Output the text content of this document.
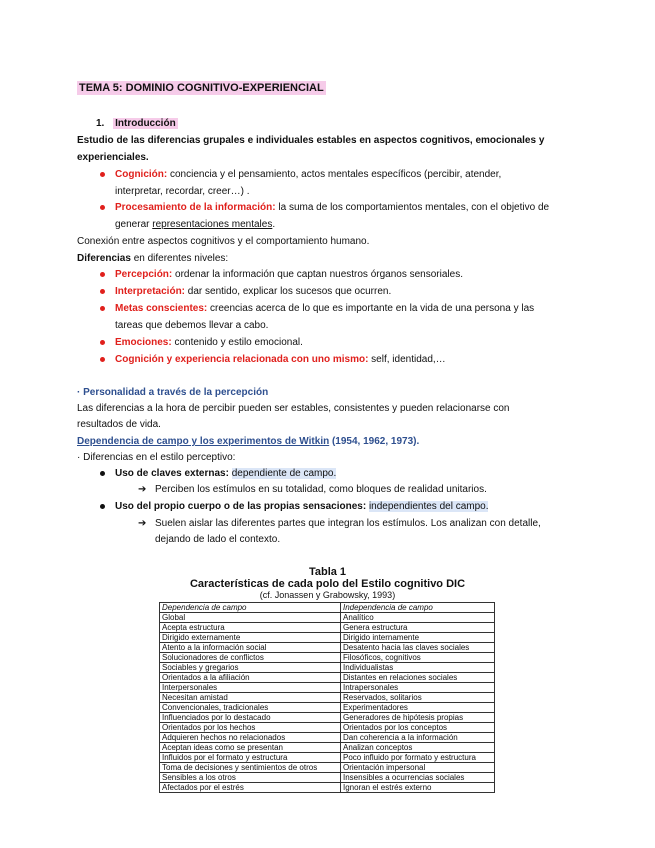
TEMA 5: DOMINIO COGNITIVO-EXPERIENCIAL
1. Introducción
Estudio de las diferencias grupales e individuales estables en aspectos cognitivos, emocionales y
experienciales.
Cognición: conciencia y el pensamiento, actos mentales específicos (percibir, atender,
interpretar, recordar, creer…) .
Procesamiento de la información: la suma de los comportamientos mentales, con el objetivo de
generar representaciones mentales.
Conexión entre aspectos cognitivos y el comportamiento humano.
Diferencias en diferentes niveles:
Percepción: ordenar la información que captan nuestros órganos sensoriales.
Interpretación: dar sentido, explicar los sucesos que ocurren.
Metas conscientes: creencias acerca de lo que es importante en la vida de una persona y las
tareas que debemos llevar a cabo.
Emociones: contenido y estilo emocional.
Cognición y experiencia relacionada con uno mismo: self, identidad,…
· Personalidad a través de la percepción
Las diferencias a la hora de percibir pueden ser estables, consistentes y pueden relacionarse con
resultados de vida.
Dependencia de campo y los experimentos de Witkin (1954, 1962, 1973).
· Diferencias en el estilo perceptivo:
Uso de claves externas: dependiente de campo.
➔ Perciben los estímulos en su totalidad, como bloques de realidad unitarios.
Uso del propio cuerpo o de las propias sensaciones: independientes del campo.
➔ Suelen aislar las diferentes partes que integran los estímulos. Los analizan con detalle,
dejando de lado el contexto.
Tabla 1
Características de cada polo del Estilo cognitivo DIC
(cf. Jonassen y Grabowsky, 1993)
Dependencia de campo	Independencia de campo
Global	Analítico
Acepta estructura	Genera estructura
Dirigido externamente	Dirigido internamente
Atento a la información social	Desatento hacia las claves sociales
Solucionadores de conflictos	Filosóficos, cognitivos
Sociables y gregarios	Individualistas
Orientados a la afiliación	Distantes en relaciones sociales
Interpersonales	Intrapersonales
Necesitan amistad	Reservados, solitarios
Convencionales, tradicionales	Experimentadores
Influenciados por lo destacado	Generadores de hipótesis propias
Orientados por los hechos	Orientados por los conceptos
Adquieren hechos no relacionados	Dan coherencia a la información
Aceptan ideas como se presentan	Analizan conceptos
Influidos por el formato y estructura	Poco influido por formato y estructura
Toma de decisiones y sentimientos de otros	Orientación impersonal
Sensibles a los otros	Insensibles a ocurrencias sociales
Afectados por el estrés	Ignoran el estrés externo
